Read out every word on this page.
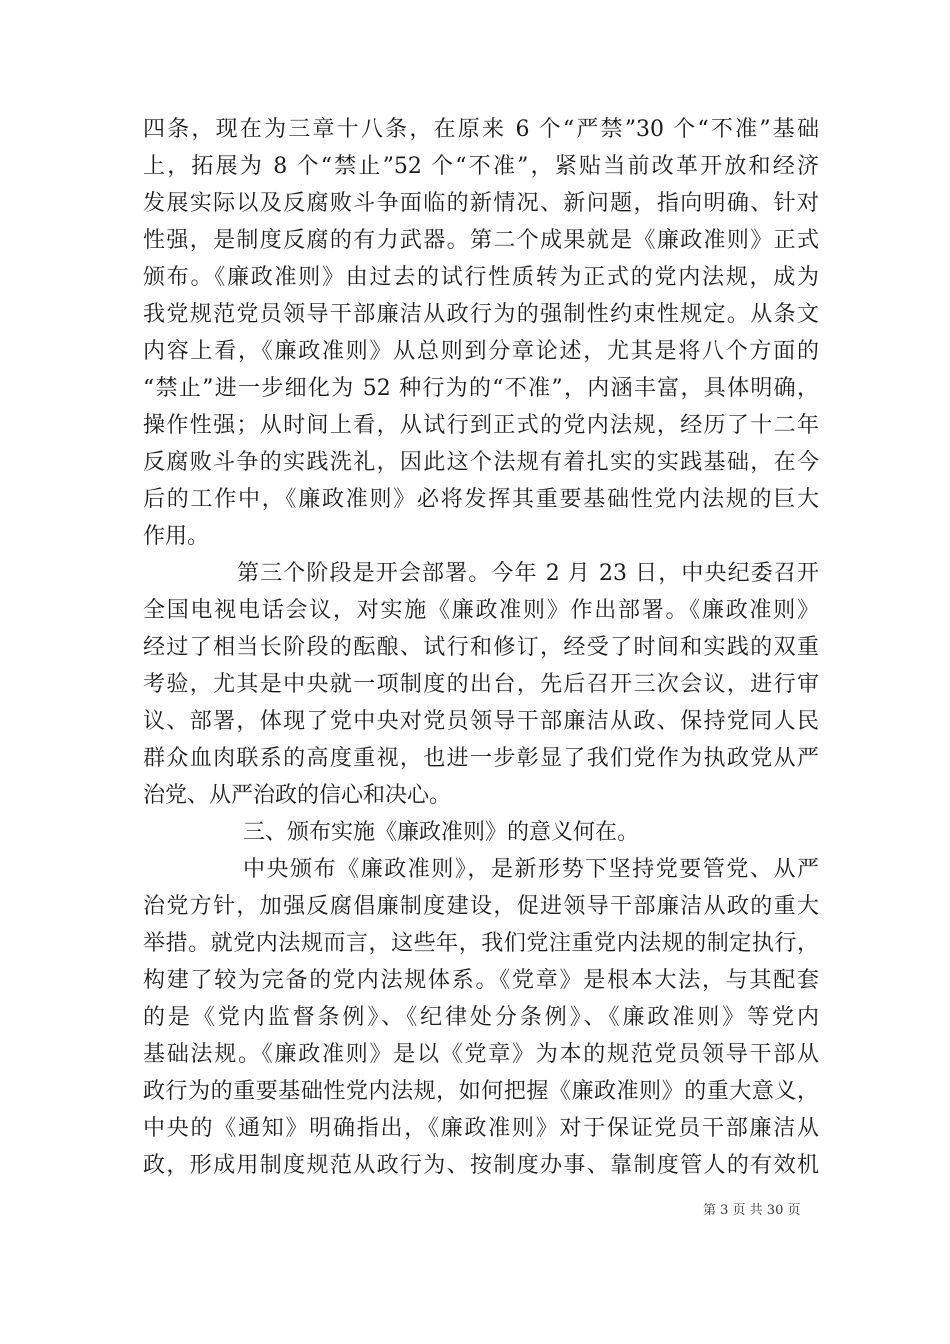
四条，现在为三章十八条，在原来 6 个“严禁”30 个“不准”基础
上，拓展为 8 个“禁止”52 个“不准”，紧贴当前改革开放和经济
发展实际以及反腐败斗争面临的新情况、新问题，指向明确、针对
性强，是制度反腐的有力武器。第二个成果就是《廉政准则》正式
颁布。《廉政准则》由过去的试行性质转为正式的党内法规，成为
我党规范党员领导干部廉洁从政行为的强制性约束性规定。从条文
内容上看，《廉政准则》从总则到分章论述，尤其是将八个方面的
“禁止”进一步细化为 52 种行为的“不准”，内涵丰富，具体明确，
操作性强；从时间上看，从试行到正式的党内法规，经历了十二年
反腐败斗争的实践洗礼，因此这个法规有着扎实的实践基础，在今
后的工作中，《廉政准则》必将发挥其重要基础性党内法规的巨大
作用。
第三个阶段是开会部署。今年 2 月 23 日，中央纪委召开
全国电视电话会议，对实施《廉政准则》作出部署。《廉政准则》
经过了相当长阶段的酝酿、试行和修订，经受了时间和实践的双重
考验，尤其是中央就一项制度的出台，先后召开三次会议，进行审
议、部署，体现了党中央对党员领导干部廉洁从政、保持党同人民
群众血肉联系的高度重视，也进一步彰显了我们党作为执政党从严
治党、从严治政的信心和决心。
三、颁布实施《廉政准则》的意义何在。
中央颁布《廉政准则》，是新形势下坚持党要管党、从严
治党方针，加强反腐倡廉制度建设，促进领导干部廉洁从政的重大
举措。就党内法规而言，这些年，我们党注重党内法规的制定执行，
构建了较为完备的党内法规体系。《党章》是根本大法，与其配套
的是《党内监督条例》、《纪律处分条例》、《廉政准则》等党内
基础法规。《廉政准则》是以《党章》为本的规范党员领导干部从
政行为的重要基础性党内法规，如何把握《廉政准则》的重大意义，
中央的《通知》明确指出，《廉政准则》对于保证党员干部廉洁从
政，形成用制度规范从政行为、按制度办事、靠制度管人的有效机
第 3 页 共 30 页
